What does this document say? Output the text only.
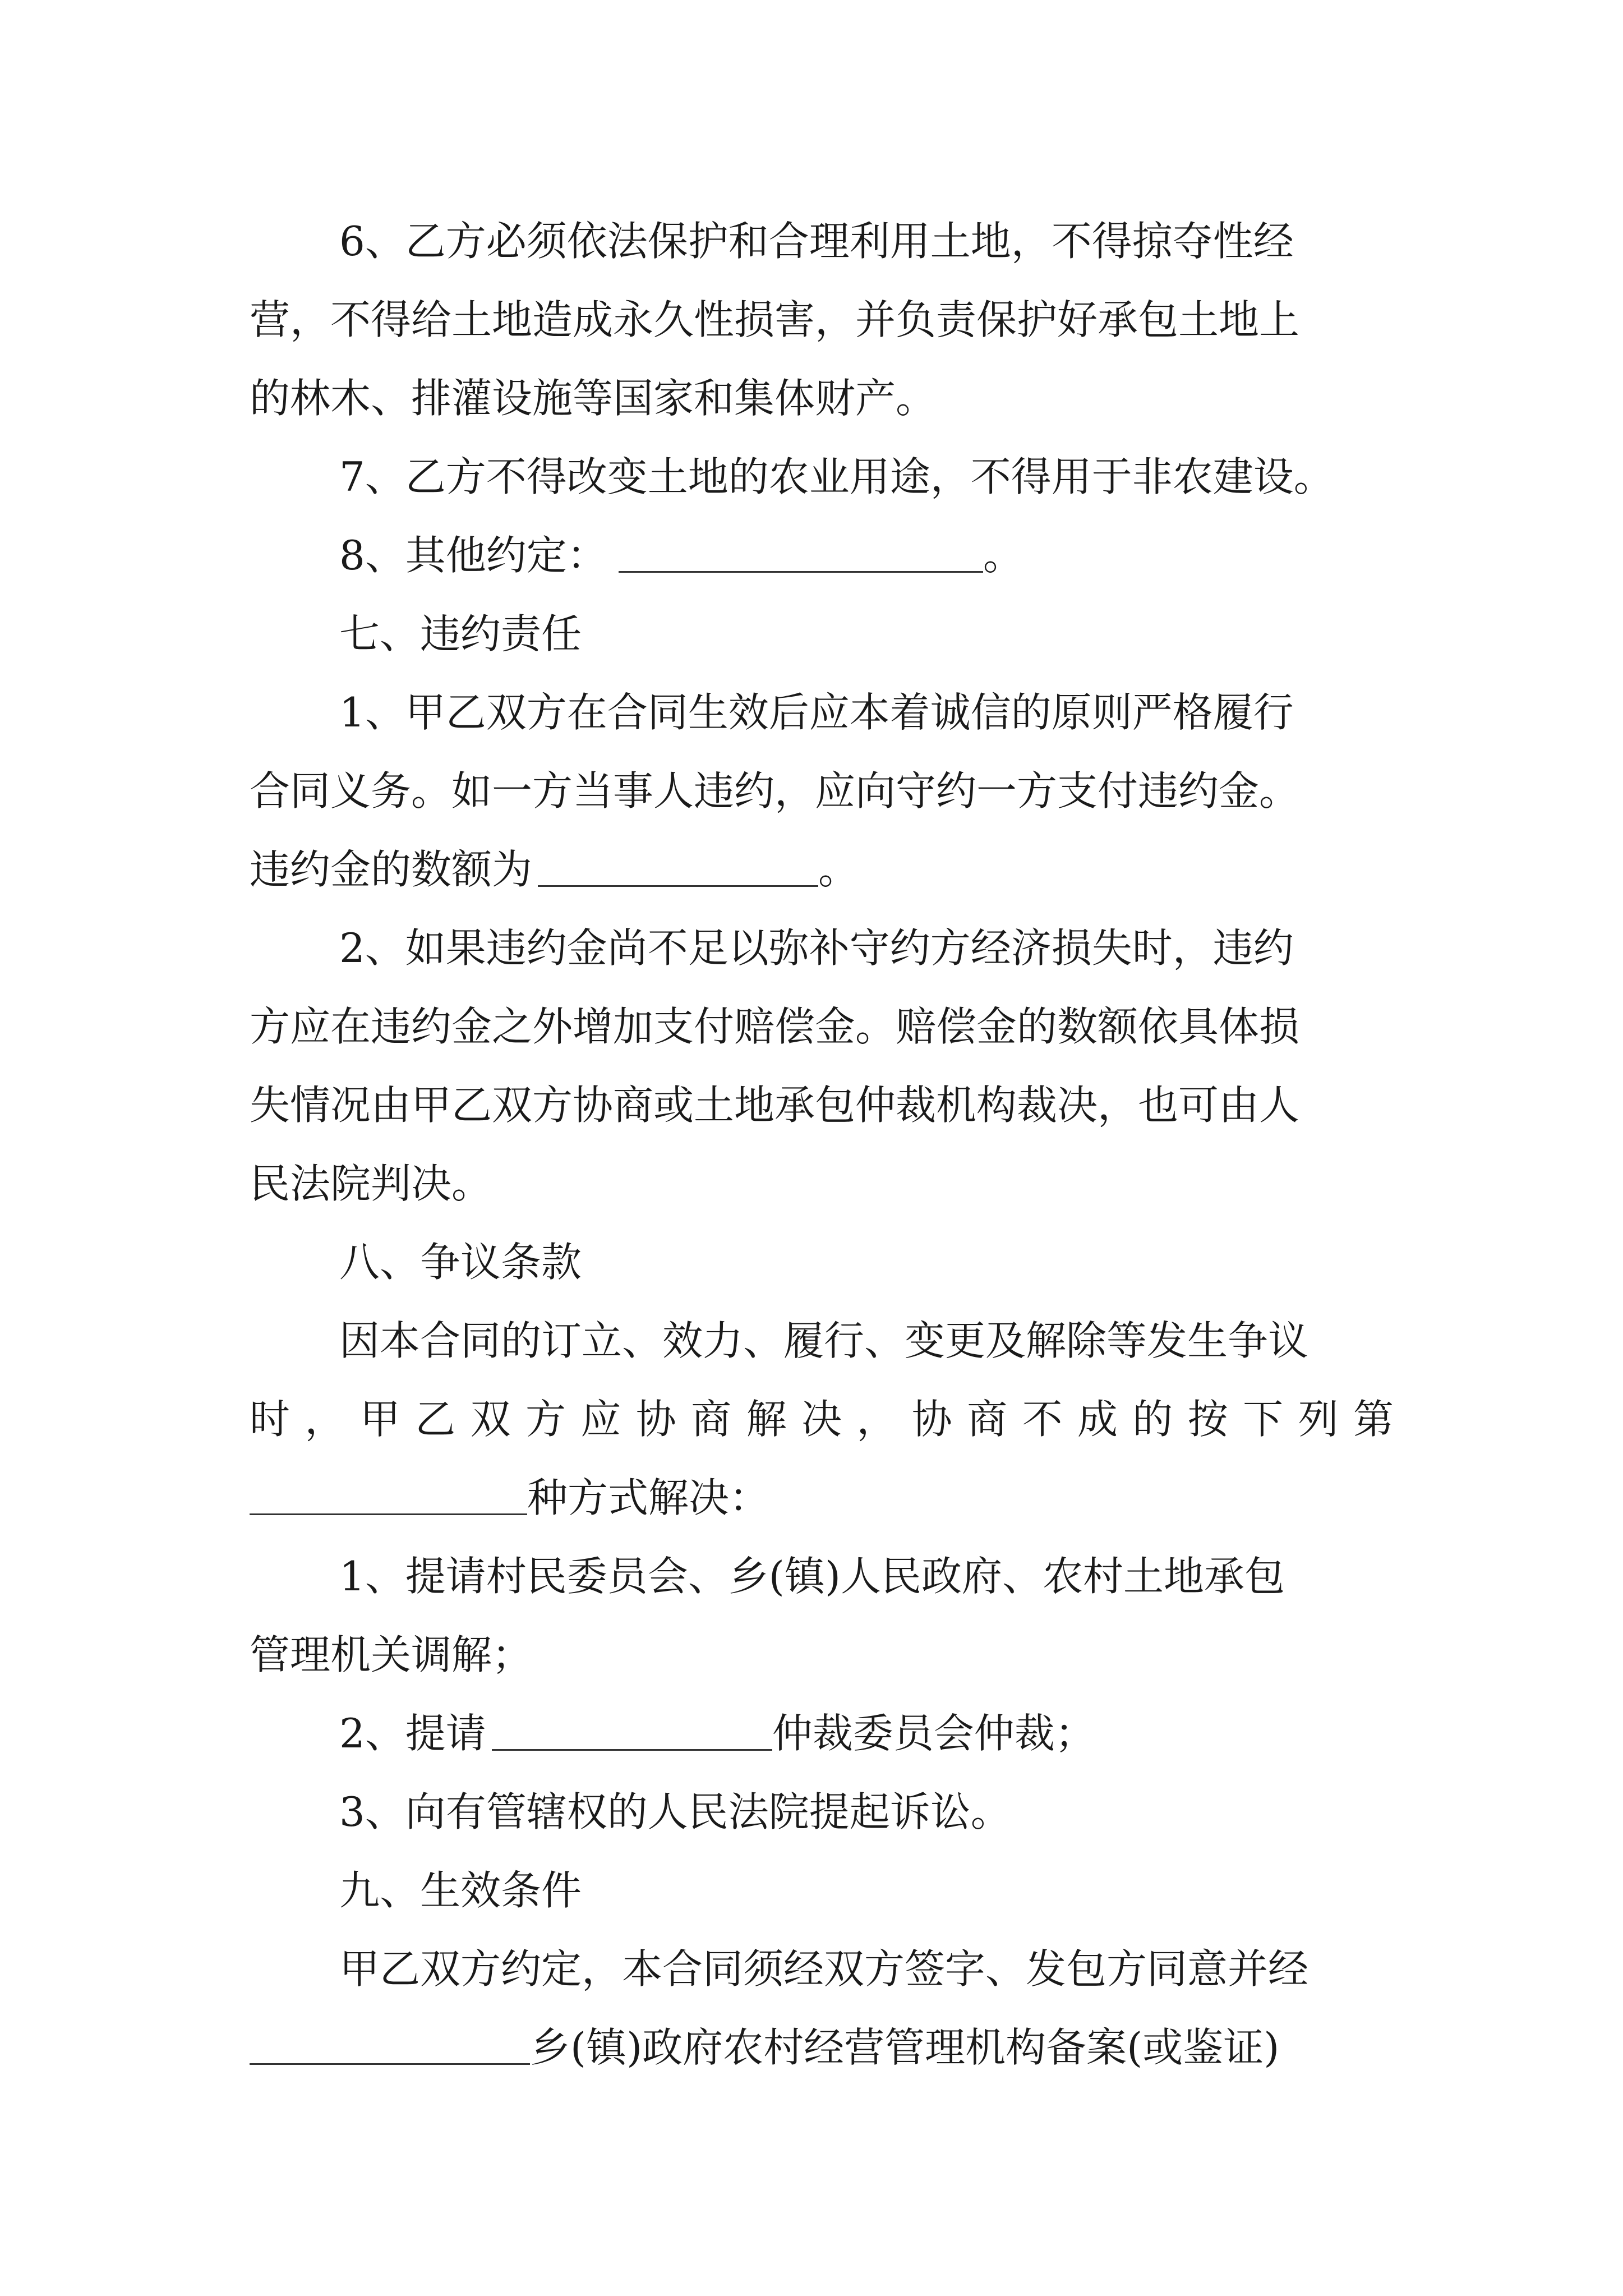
6、乙方必须依法保护和合理利用土地，不得掠夺性经
营，不得给土地造成永久性损害，并负责保护好承包土地上
的林木、排灌设施等国家和集体财产。
7、乙方不得改变土地的农业用途，不得用于非农建设。
8、其他约定：	。
七、违约责任
1、甲乙双方在合同生效后应本着诚信的原则严格履行
合同义务。如一方当事人违约，应向守约一方支付违约金。
违约金的数额为	。
2、如果违约金尚不足以弥补守约方经济损失时，违约
方应在违约金之外增加支付赔偿金。赔偿金的数额依具体损
失情况由甲乙双方协商或土地承包仲裁机构裁决，也可由人
民法院判决。
八、争议条款
因本合同的订立、效力、履行、变更及解除等发生争议
时，甲乙双方应协商解决，协商不成的按下列第
种方式解决：
1、提请村民委员会、乡(镇)人民政府、农村土地承包
管理机关调解；
2、提请	仲裁委员会仲裁；
3、向有管辖权的人民法院提起诉讼。
九、生效条件
甲乙双方约定，本合同须经双方签字、发包方同意并经
乡(镇)政府农村经营管理机构备案(或鉴证)
